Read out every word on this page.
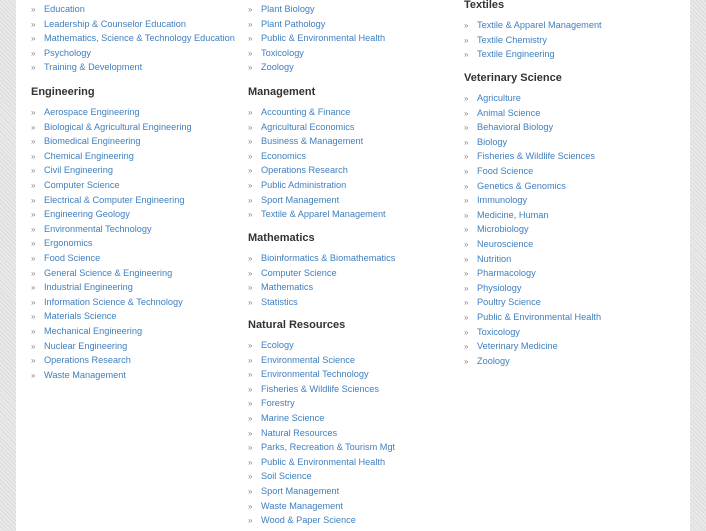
» Education
» Leadership & Counselor Education
» Mathematics, Science & Technology Education
» Psychology
» Training & Development
Engineering
» Aerospace Engineering
» Biological & Agricultural Engineering
» Biomedical Engineering
» Chemical Engineering
» Civil Engineering
» Computer Science
» Electrical & Computer Engineering
» Engineering Geology
» Environmental Technology
» Ergonomics
» Food Science
» General Science & Engineering
» Industrial Engineering
» Information Science & Technology
» Materials Science
» Mechanical Engineering
» Nuclear Engineering
» Operations Research
» Waste Management
» Plant Biology
» Plant Pathology
» Public & Environmental Health
» Toxicology
» Zoology
Management
» Accounting & Finance
» Agricultural Economics
» Business & Management
» Economics
» Operations Research
» Public Administration
» Sport Management
» Textile & Apparel Management
Mathematics
» Bioinformatics & Biomathematics
» Computer Science
» Mathematics
» Statistics
Natural Resources
» Ecology
» Environmental Science
» Environmental Technology
» Fisheries & Wildlife Sciences
» Forestry
» Marine Science
» Natural Resources
» Parks, Recreation & Tourism Mgt
» Public & Environmental Health
» Soil Science
» Sport Management
» Waste Management
» Wood & Paper Science
Textiles
» Textile & Apparel Management
» Textile Chemistry
» Textile Engineering
Veterinary Science
» Agriculture
» Animal Science
» Behavioral Biology
» Biology
» Fisheries & Wildlife Sciences
» Food Science
» Genetics & Genomics
» Immunology
» Medicine, Human
» Microbiology
» Neuroscience
» Nutrition
» Pharmacology
» Physiology
» Poultry Science
» Public & Environmental Health
» Toxicology
» Veterinary Medicine
» Zoology
